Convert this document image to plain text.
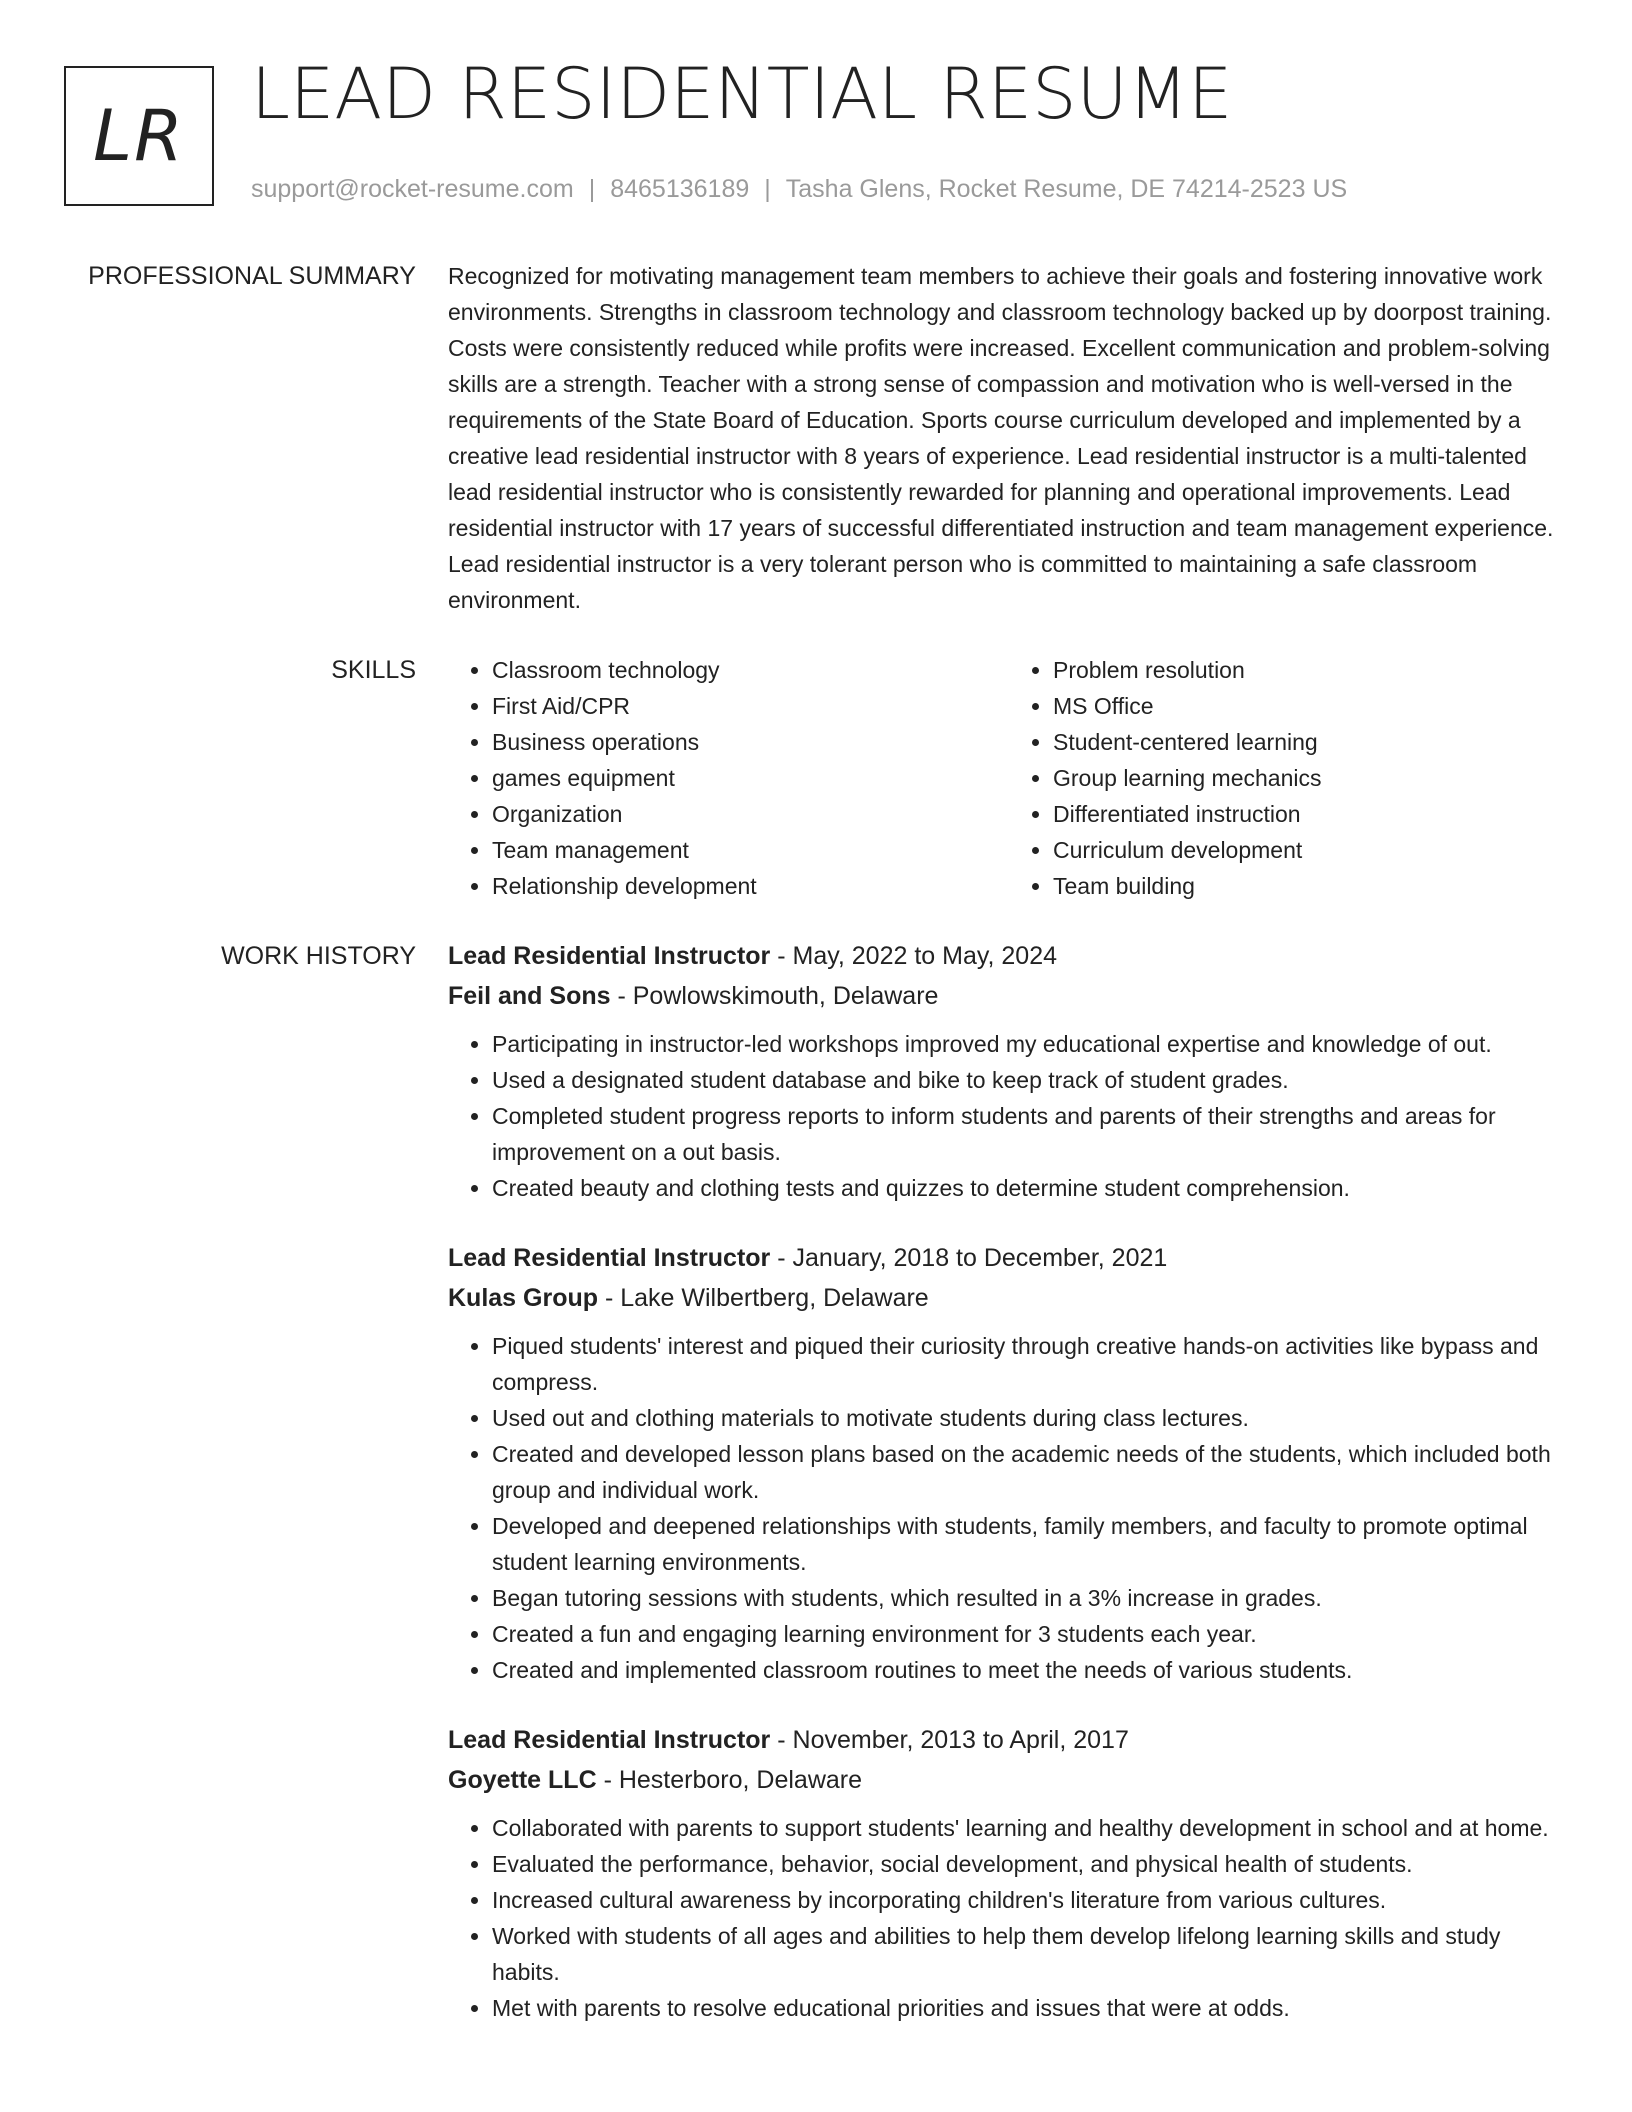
LR
LEAD RESIDENTIAL RESUME
support@rocket-resume.com | 8465136189 | Tasha Glens, Rocket Resume, DE 74214-2523 US
PROFESSIONAL SUMMARY Recognized for motivating management team members to achieve their goals and fostering innovative work environments. Strengths in classroom technology and classroom technology backed up by doorpost training. Costs were consistently reduced while profits were increased. Excellent communication and problem-solving skills are a strength. Teacher with a strong sense of compassion and motivation who is well-versed in the requirements of the State Board of Education. Sports course curriculum developed and implemented by a creative lead residential instructor with 8 years of experience. Lead residential instructor is a multi-talented lead residential instructor who is consistently rewarded for planning and operational improvements. Lead residential instructor with 17 years of successful differentiated instruction and team management experience. Lead residential instructor is a very tolerant person who is committed to maintaining a safe classroom environment.

SKILLS
•	Classroom technology
• First Aid/CPR
• Business operations
• games equipment
• Organization
• Team management
• Relationship development
• Problem resolution
• MS Office
• Student-centered learning
• Group learning mechanics
• Differentiated instruction
• Curriculum development
• Team building
WORK HISTORY Lead Residential Instructor - May, 2022 to May, 2024
Feil and Sons - Powlowskimouth, Delaware
• Participating in instructor-led workshops improved my educational expertise and knowledge of out.
• Used a designated student database and bike to keep track of student grades.
• Completed student progress reports to inform students and parents of their strengths and areas for improvement on a out basis.
• Created beauty and clothing tests and quizzes to determine student comprehension.
Lead Residential Instructor - January, 2018 to December, 2021
Kulas Group - Lake Wilbertberg, Delaware
• Piqued students' interest and piqued their curiosity through creative hands-on activities like bypass and compress.
• Used out and clothing materials to motivate students during class lectures.
• Created and developed lesson plans based on the academic needs of the students, which included both group and individual work.
• Developed and deepened relationships with students, family members, and faculty to promote optimal student learning environments.
• Began tutoring sessions with students, which resulted in a 3% increase in grades.
• Created a fun and engaging learning environment for 3 students each year.
• Created and implemented classroom routines to meet the needs of various students.
Lead Residential Instructor - November, 2013 to April, 2017
Goyette LLC - Hesterboro, Delaware
• Collaborated with parents to support students' learning and healthy development in school and at home.
• Evaluated the performance, behavior, social development, and physical health of students.
• Increased cultural awareness by incorporating children's literature from various cultures.
• Worked with students of all ages and abilities to help them develop lifelong learning skills and study habits.
• Met with parents to resolve educational priorities and issues that were at odds.
